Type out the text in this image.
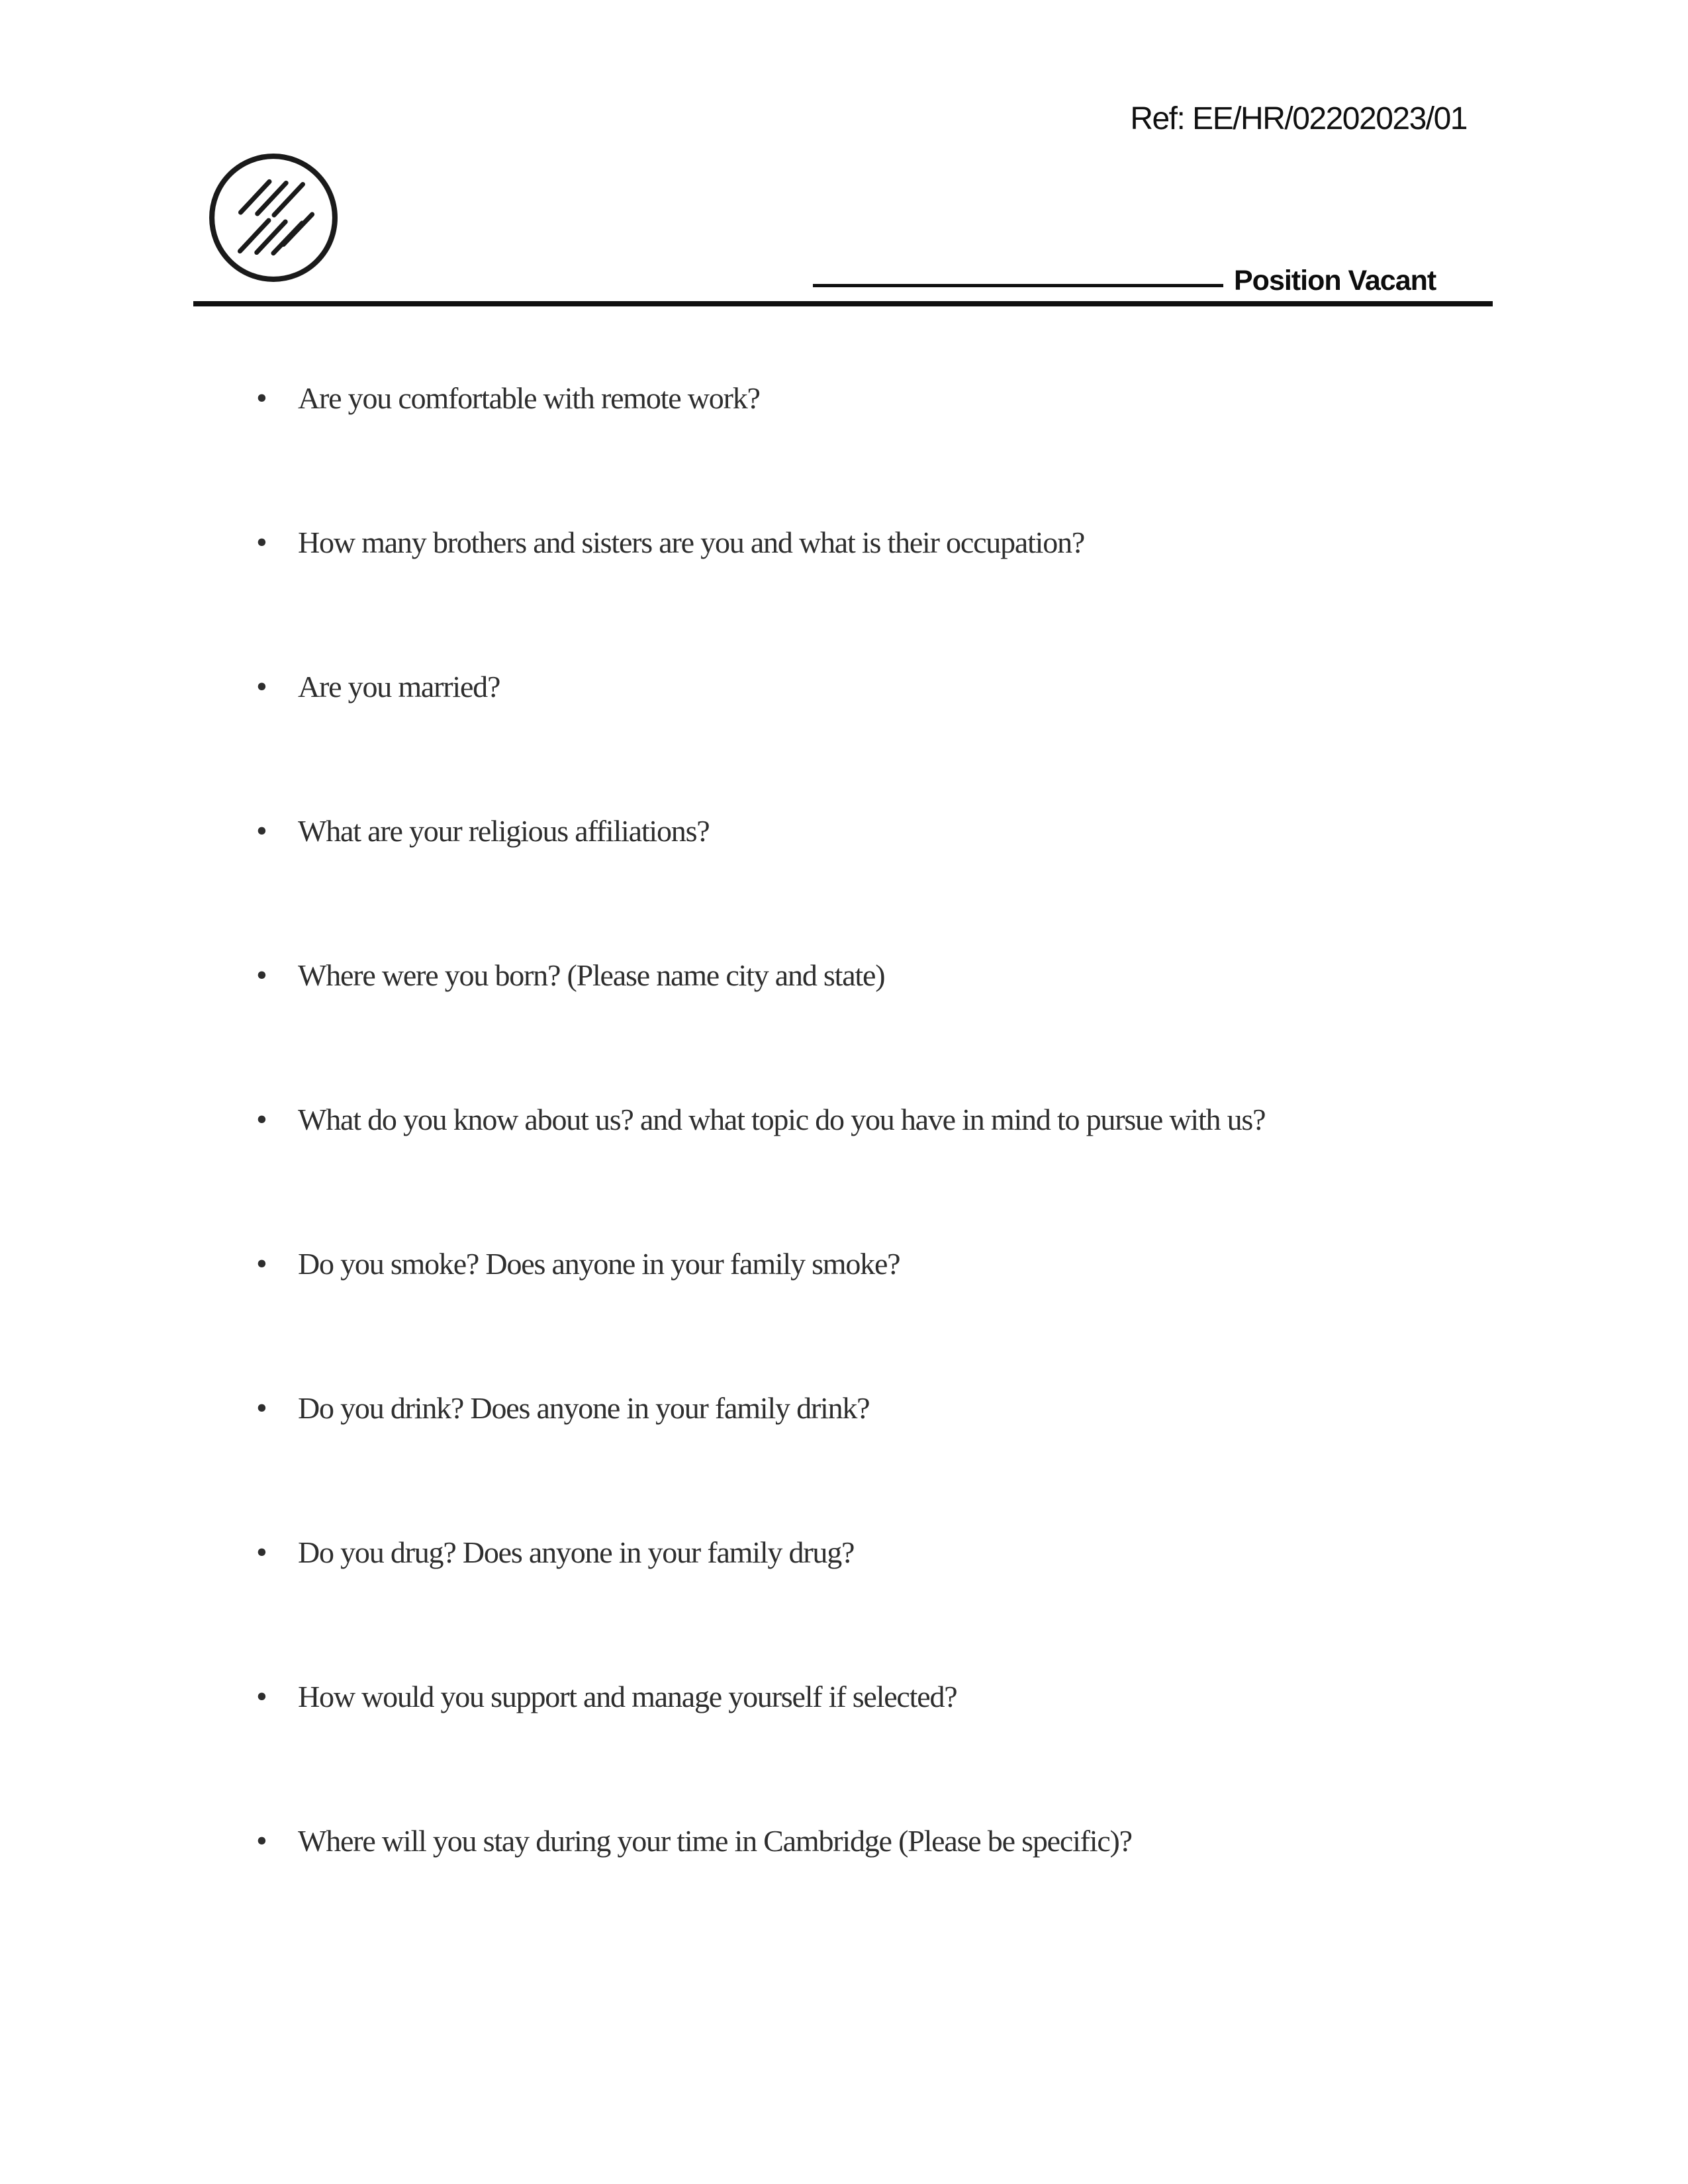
Ref: EE/HR/02202023/01
Position Vacant
• Are you comfortable with remote work?
• How many brothers and sisters are you and what is their occupation?
• Are you married?
• What are your religious affiliations?
• Where were you born? (Please name city and state)
• What do you know about us? and what topic do you have in mind to pursue with us?
• Do you smoke? Does anyone in your family smoke?
• Do you drink? Does anyone in your family drink?
• Do you drug? Does anyone in your family drug?
• How would you support and manage yourself if selected?
• Where will you stay during your time in Cambridge (Please be specific)?
